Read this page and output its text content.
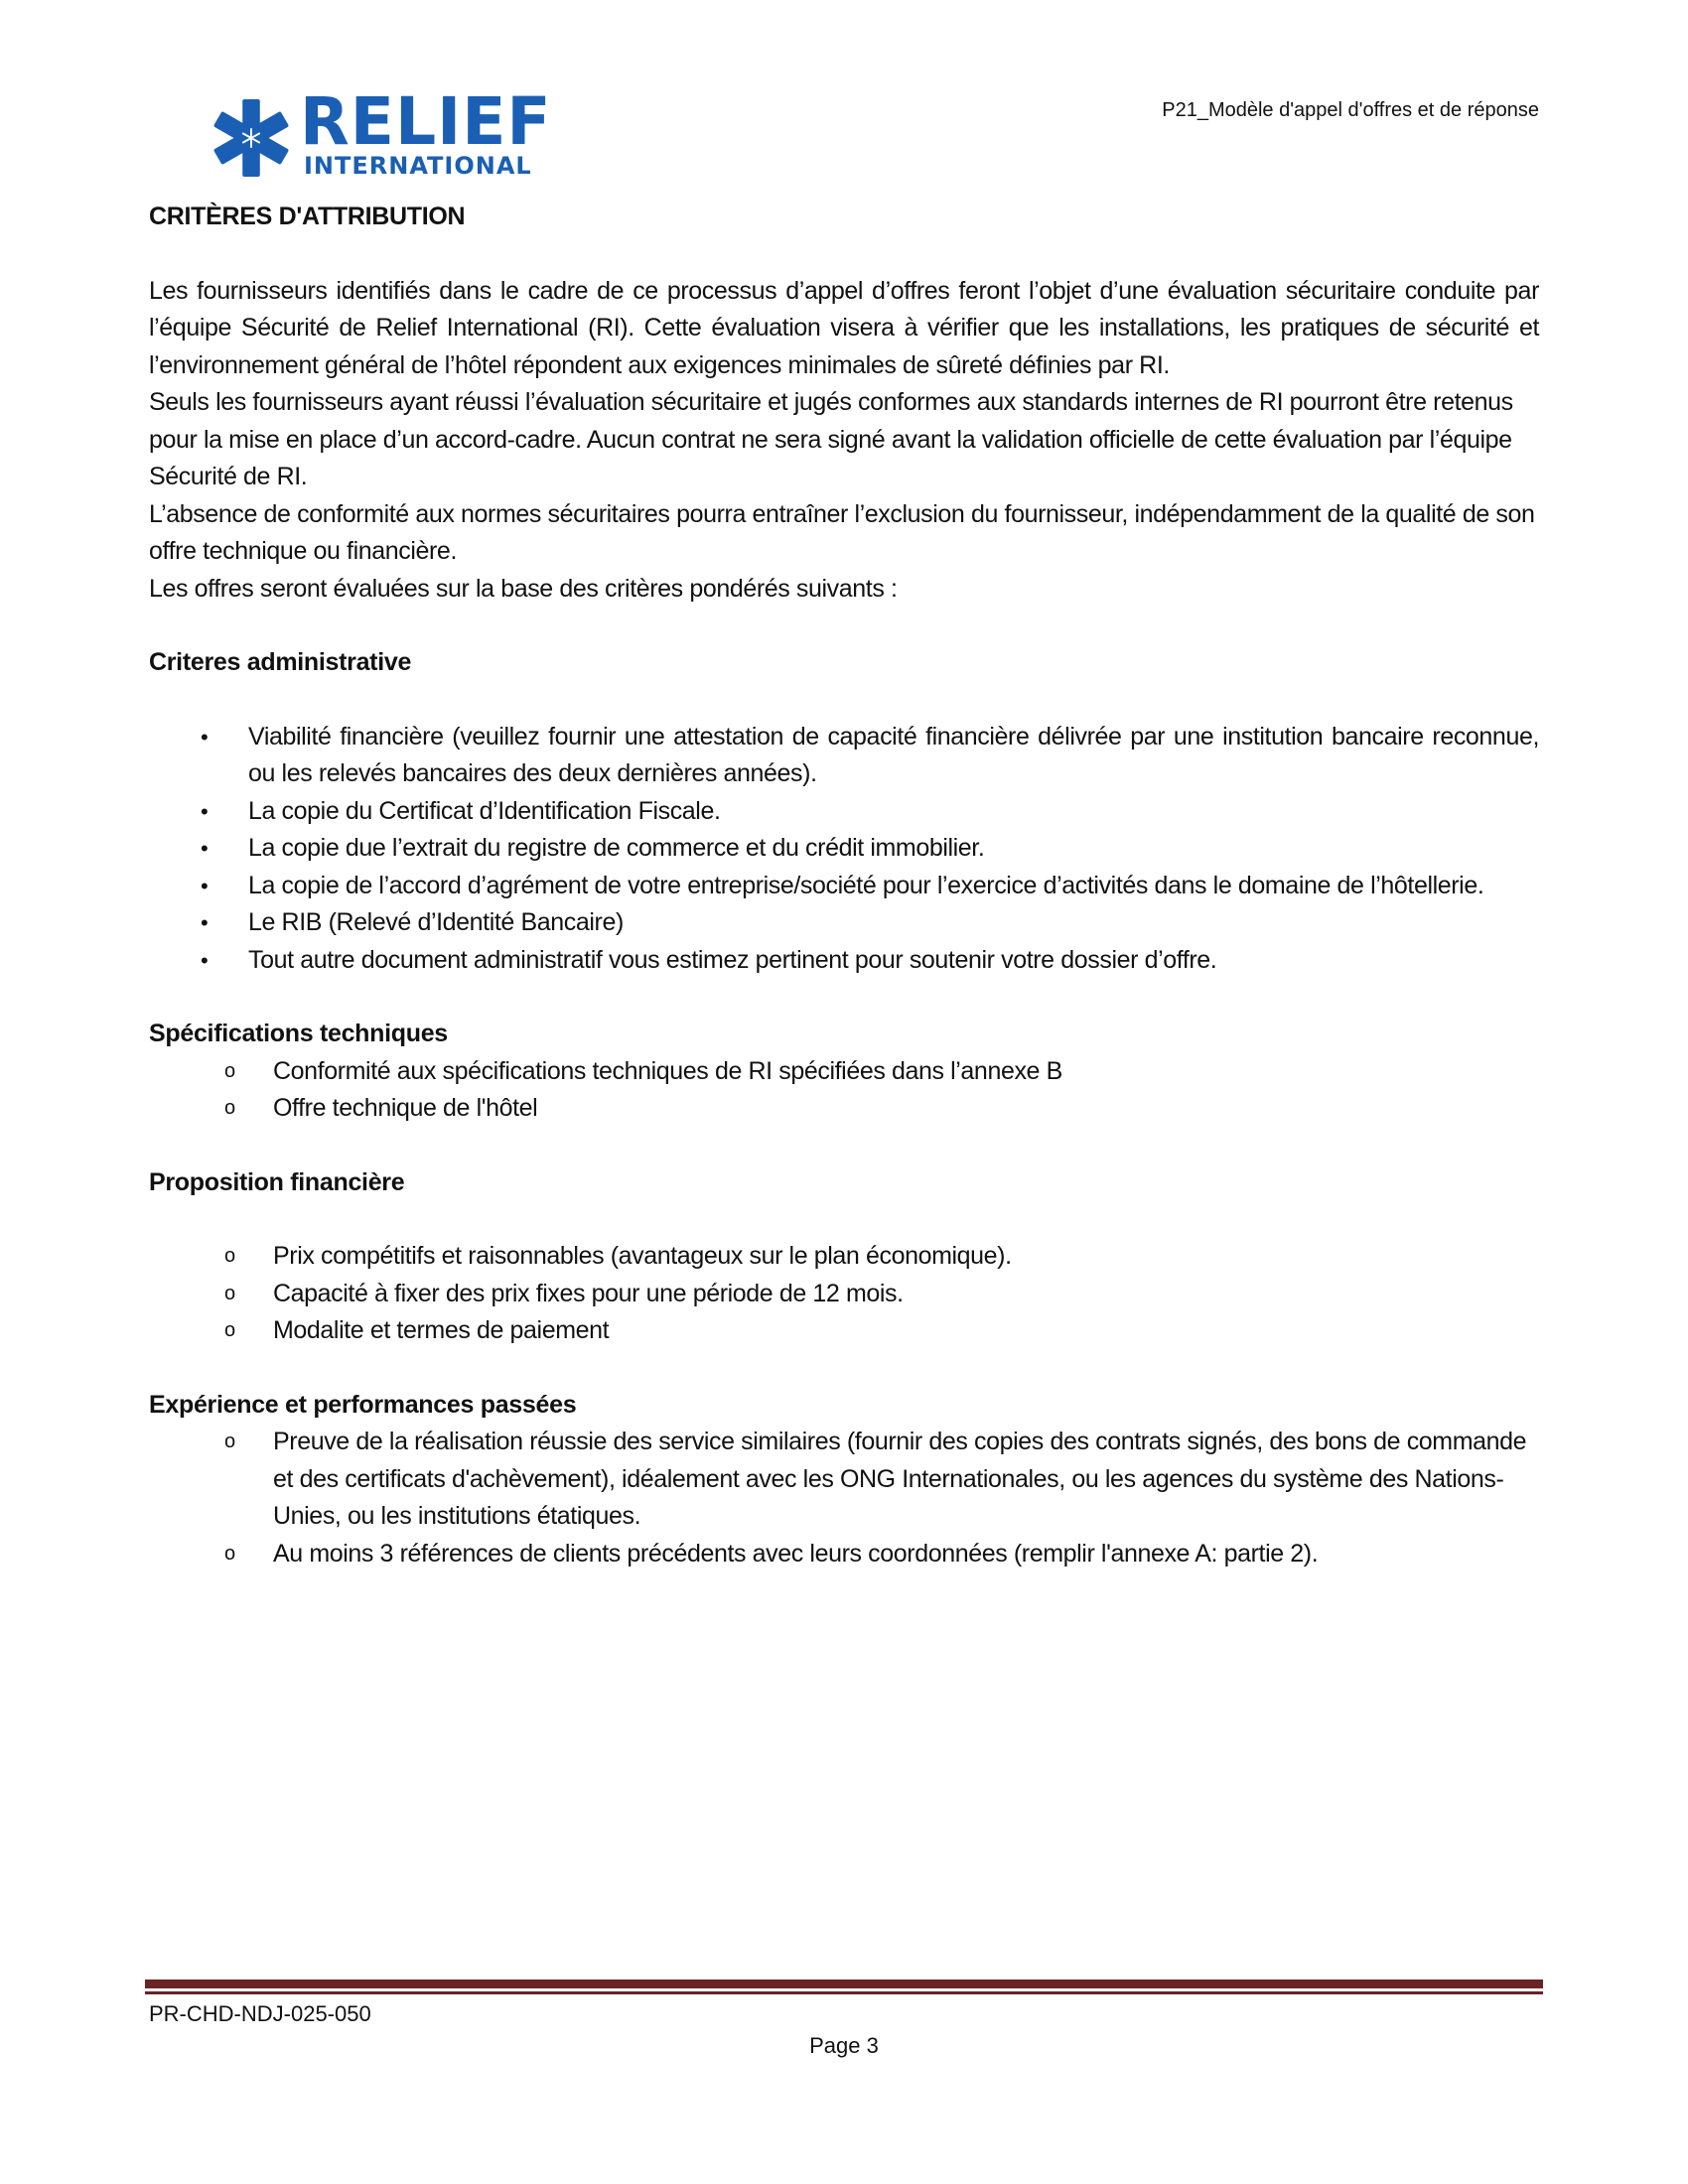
RELIEF
INTERNATIONAL
P21_Modèle d'appel d'offres et de réponse
CRITÈRES D'ATTRIBUTION

Les fournisseurs identifiés dans le cadre de ce processus d’appel d’offres feront l’objet d’une évaluation sécuritaire conduite par l’équipe Sécurité de Relief International (RI). Cette évaluation visera à vérifier que les installations, les pratiques de sécurité et l’environnement général de l’hôtel répondent aux exigences minimales de sûreté définies par RI.

Seuls les fournisseurs ayant réussi l’évaluation sécuritaire et jugés conformes aux standards internes de RI pourront être retenus pour la mise en place d’un accord-cadre. Aucun contrat ne sera signé avant la validation officielle de cette évaluation par l’équipe Sécurité de RI.

L’absence de conformité aux normes sécuritaires pourra entraîner l’exclusion du fournisseur, indépendamment de la qualité de son offre technique ou financière.

Les offres seront évaluées sur la base des critères pondérés suivants :

Criteres administrative
• Viabilité financière (veuillez fournir une attestation de capacité financière délivrée par une institution bancaire reconnue, ou les relevés bancaires des deux dernières années).
• La copie du Certificat d’Identification Fiscale.
• La copie due l’extrait du registre de commerce et du crédit immobilier.
• La copie de l’accord d’agrément de votre entreprise/société pour l’exercice d’activités dans le domaine de l’hôtellerie.
• Le RIB (Relevé d’Identité Bancaire)
• Tout autre document administratif vous estimez pertinent pour soutenir votre dossier d’offre.
Spécifications techniques
o Conformité aux spécifications techniques de RI spécifiées dans l’annexe B
o Offre technique de l'hôtel
Proposition financière
o Prix compétitifs et raisonnables (avantageux sur le plan économique).
o Capacité à fixer des prix fixes pour une période de 12 mois.
o Modalite et termes de paiement
Expérience et performances passées
o Preuve de la réalisation réussie des service similaires (fournir des copies des contrats signés, des bons de commande et des certificats d'achèvement), idéalement avec les ONG Internationales, ou les agences du système des Nations-Unies, ou les institutions étatiques.
o Au moins 3 références de clients précédents avec leurs coordonnées (remplir l'annexe A: partie 2).
PR-CHD-NDJ-025-050
Page 3
